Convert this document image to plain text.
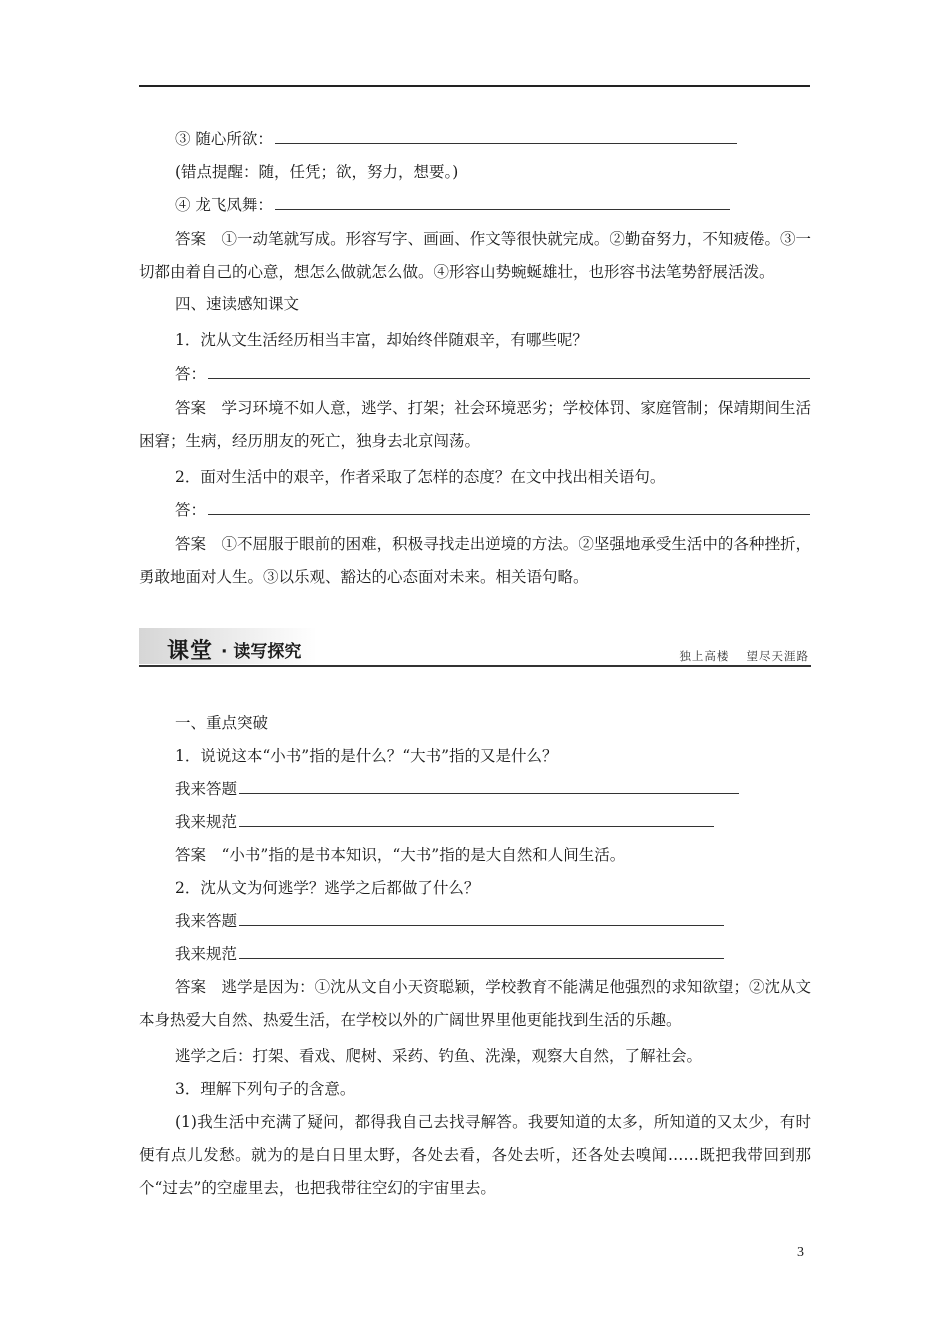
③ 随心所欲：
(错点提醒：随，任凭；欲，努力，想要。)
④ 龙飞凤舞：
答案　①一动笔就写成。形容写字、画画、作文等很快就完成。②勤奋努力，不知疲倦。③一切都由着自己的心意，想怎么做就怎么做。④形容山势蜿蜒雄壮，也形容书法笔势舒展活泼。
四、速读感知课文
1．沈从文生活经历相当丰富，却始终伴随艰辛，有哪些呢？
答：
答案　学习环境不如人意，逃学、打架；社会环境恶劣；学校体罚、家庭管制；保靖期间生活困窘；生病，经历朋友的死亡，独身去北京闯荡。
2．面对生活中的艰辛，作者采取了怎样的态度？在文中找出相关语句。
答：
答案　①不屈服于眼前的困难，积极寻找走出逆境的方法。②坚强地承受生活中的各种挫折，勇敢地面对人生。③以乐观、豁达的心态面对未来。相关语句略。
课堂 · 读写探究	独上高楼　 望尽天涯路
一、重点突破
1．说说这本“小书”指的是什么？“大书”指的又是什么？
我来答题
我来规范
答案　“小书”指的是书本知识，“大书”指的是大自然和人间生活。
2．沈从文为何逃学？逃学之后都做了什么？
我来答题
我来规范
答案　逃学是因为：①沈从文自小天资聪颖，学校教育不能满足他强烈的求知欲望；②沈从文本身热爱大自然、热爱生活，在学校以外的广阔世界里他更能找到生活的乐趣。
逃学之后：打架、看戏、爬树、采药、钓鱼、洗澡，观察大自然，了解社会。
3．理解下列句子的含意。
(1)我生活中充满了疑问，都得我自己去找寻解答。我要知道的太多，所知道的又太少，有时便有点儿发愁。就为的是白日里太野，各处去看，各处去听，还各处去嗅闻……既把我带回到那个“过去”的空虚里去，也把我带往空幻的宇宙里去。
3
